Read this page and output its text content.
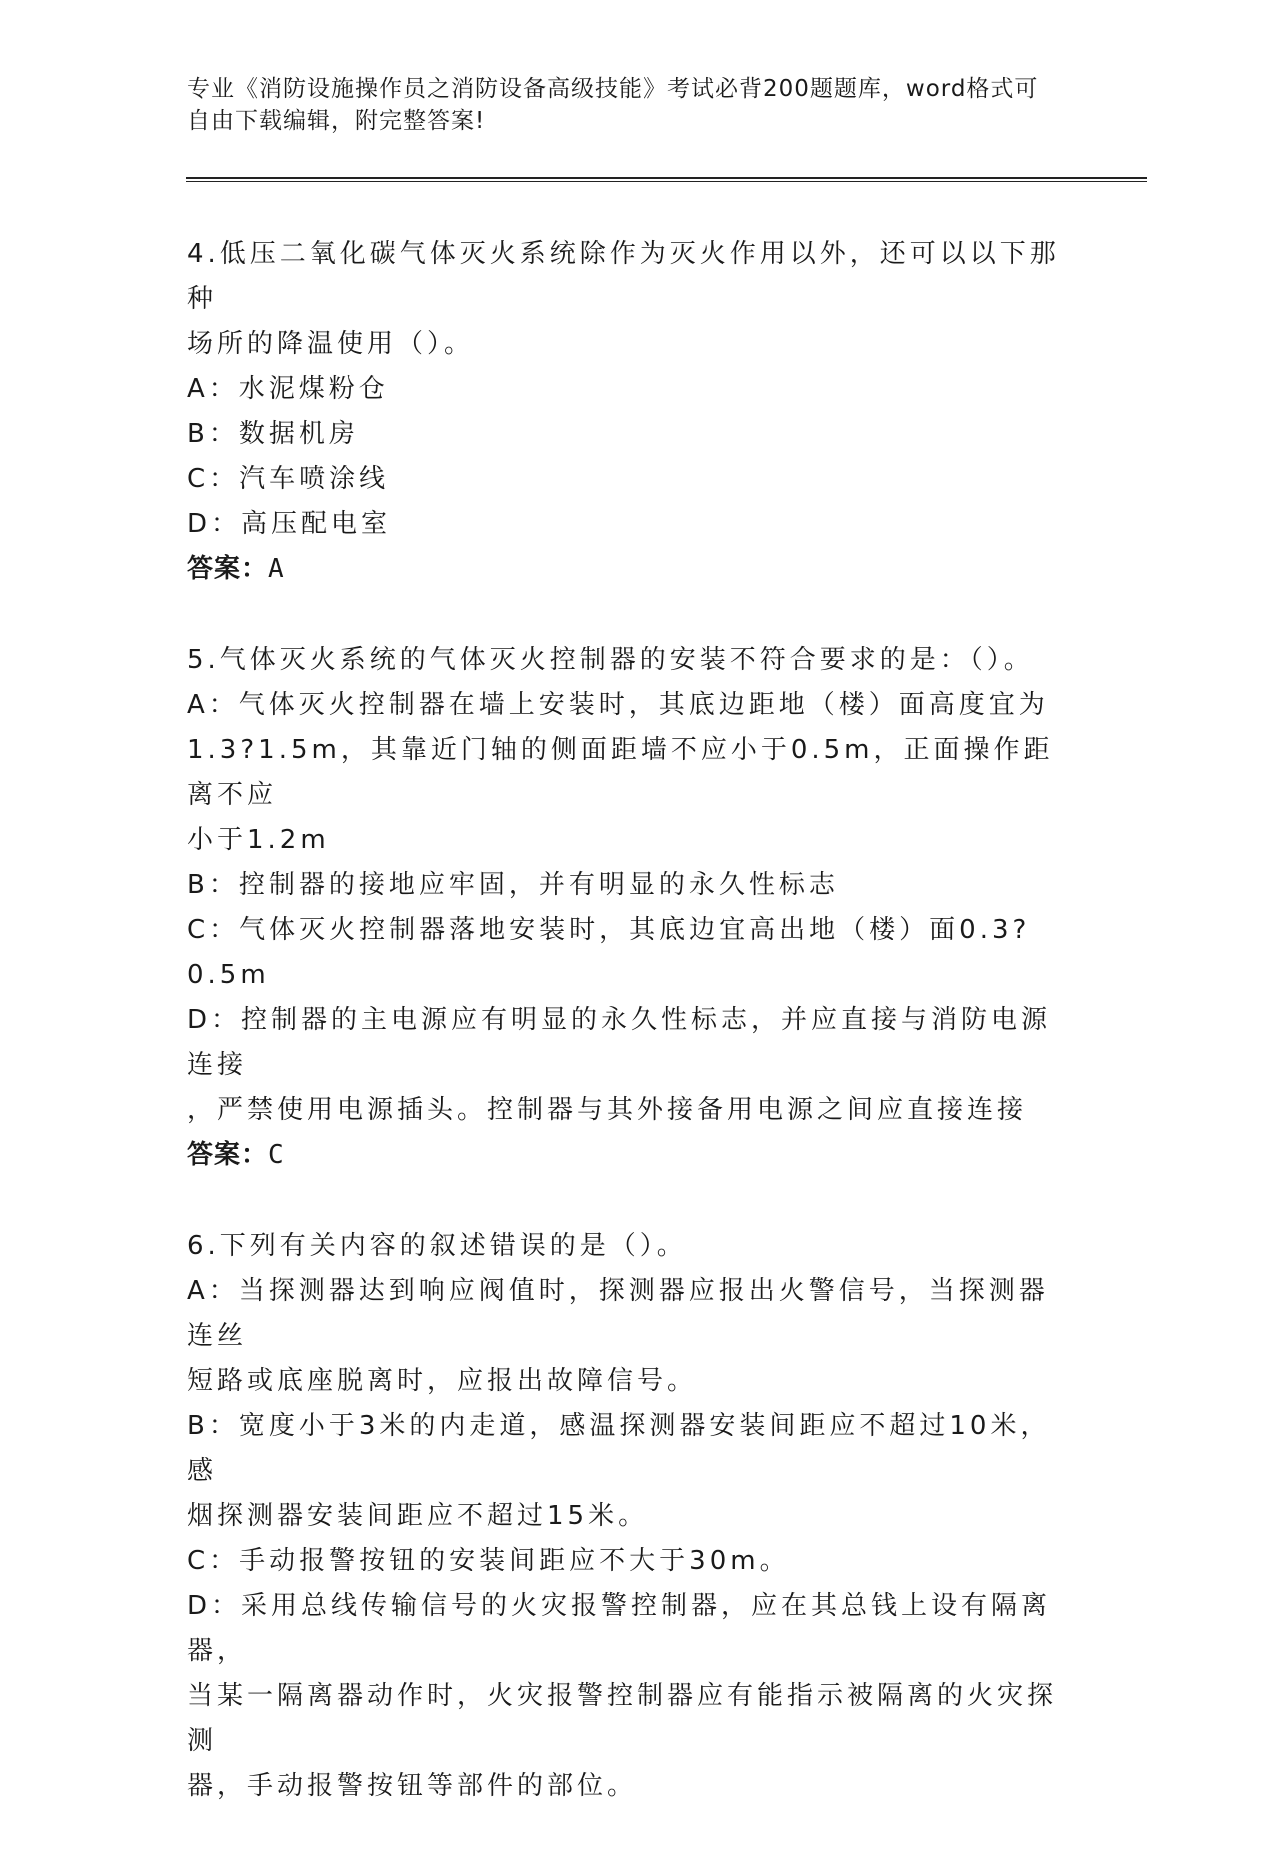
专业《消防设施操作员之消防设备高级技能》考试必背200题题库，word格式可
自由下载编辑，附完整答案!
4.低压二氧化碳气体灭火系统除作为灭火作用以外，还可以以下那种
场所的降温使用（）。
A：水泥煤粉仓
B：数据机房
C：汽车喷涂线
D：高压配电室
答案：A
5.气体灭火系统的气体灭火控制器的安装不符合要求的是：（）。
A：气体灭火控制器在墙上安装时，其底边距地（楼）面高度宜为
1.3?1.5m，其靠近门轴的侧面距墙不应小于0.5m，正面操作距离不应
小于1.2m
B：控制器的接地应牢固，并有明显的永久性标志
C：气体灭火控制器落地安装时，其底边宜高出地（楼）面0.3?0.5m
D：控制器的主电源应有明显的永久性标志，并应直接与消防电源连接
，严禁使用电源插头。控制器与其外接备用电源之间应直接连接
答案：C
6.下列有关内容的叙述错误的是（）。
A：当探测器达到响应阀值时，探测器应报出火警信号，当探测器连丝
短路或底座脱离时，应报出故障信号。
B：宽度小于3米的内走道，感温探测器安装间距应不超过10米，感
烟探测器安装间距应不超过15米。
C：手动报警按钮的安装间距应不大于30m。
D：采用总线传输信号的火灾报警控制器，应在其总钱上设有隔离器，
当某一隔离器动作时，火灾报警控制器应有能指示被隔离的火灾探测
器，手动报警按钮等部件的部位。
